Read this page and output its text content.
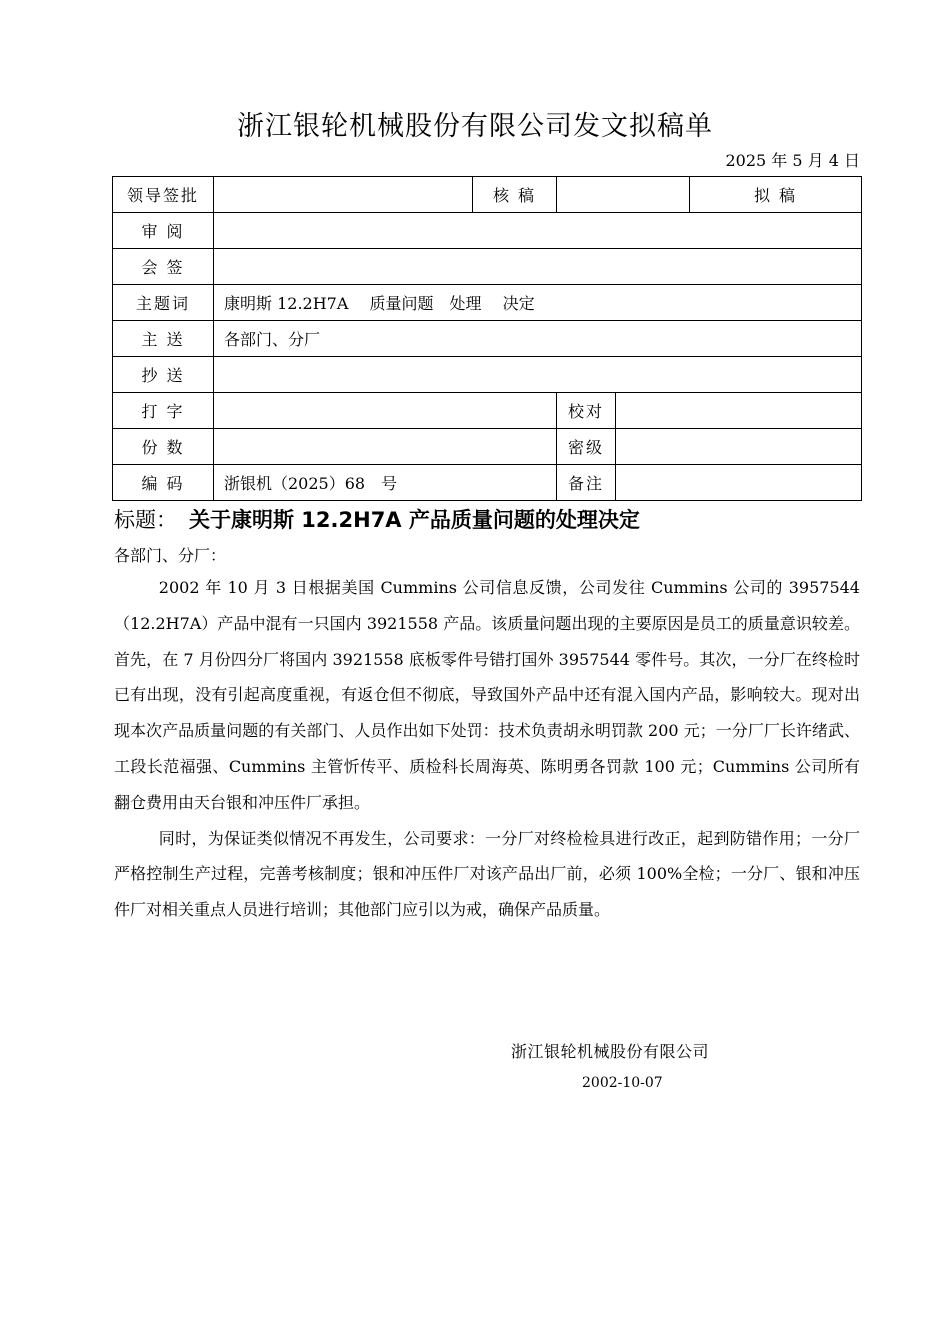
浙江银轮机械股份有限公司发文拟稿单
2025 年 5 月 4 日
领导签批		核 稿			拟 稿
审 阅					
会 签					
主题词	康明斯 12.2H7A　 质量问题　处理　 决定				
主 送	各部门、分厂				
抄 送					
打 字			校对		
份 数			密级		
编 码	浙银机（2025）68　号		备注		
标题： 关于康明斯 12.2H7A 产品质量问题的处理决定
各部门、分厂：

2002 年 10 月 3 日根据美国 Cummins 公司信息反馈，公司发往 Cummins 公司的 3957544（12.2H7A）产品中混有一只国内 3921558 产品。该质量问题出现的主要原因是员工的质量意识较差。首先，在 7 月份四分厂将国内 3921558 底板零件号错打国外 3957544 零件号。其次，一分厂在终检时已有出现，没有引起高度重视，有返仓但不彻底，导致国外产品中还有混入国内产品，影响较大。现对出现本次产品质量问题的有关部门、人员作出如下处罚：技术负责胡永明罚款 200 元；一分厂厂长许绪武、工段长范福强、Cummins 主管忻传平、质检科长周海英、陈明勇各罚款 100 元；Cummins 公司所有翻仓费用由天台银和冲压件厂承担。

同时，为保证类似情况不再发生，公司要求：一分厂对终检检具进行改正，起到防错作用；一分厂严格控制生产过程，完善考核制度；银和冲压件厂对该产品出厂前，必须 100%全检；一分厂、银和冲压件厂对相关重点人员进行培训；其他部门应引以为戒，确保产品质量。

浙江银轮机械股份有限公司
2002-10-07
